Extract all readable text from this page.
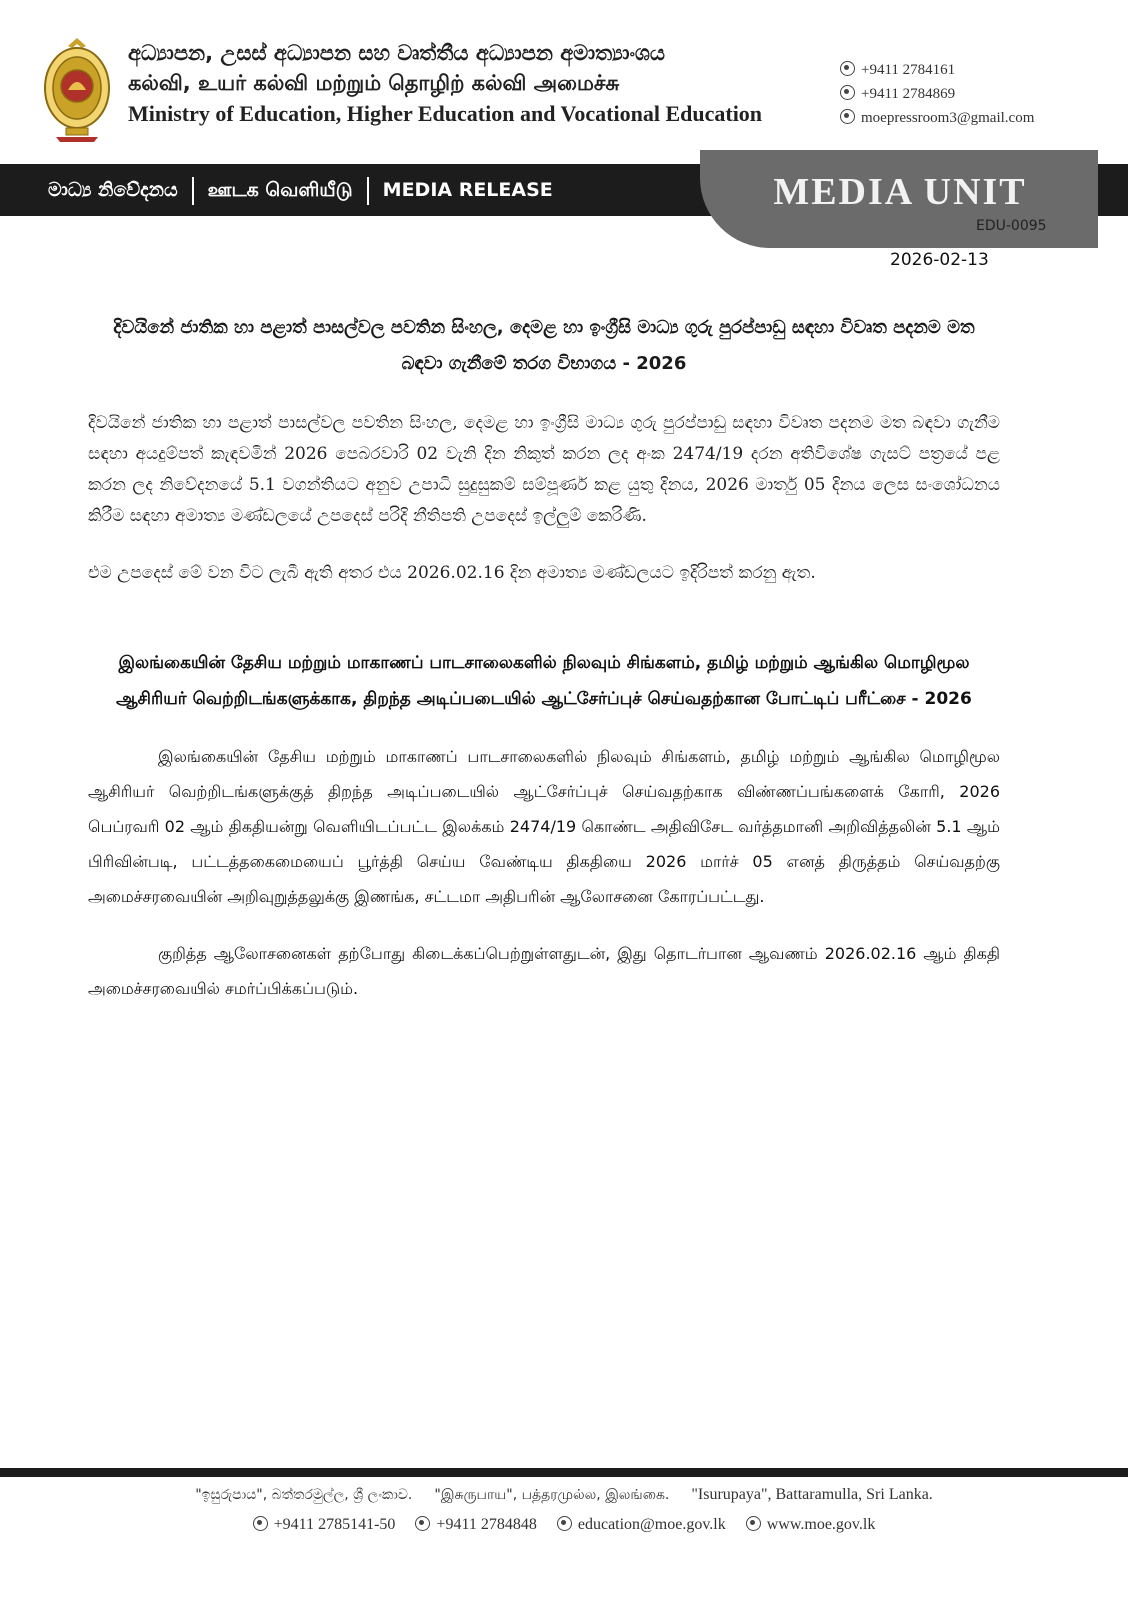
අධ්‍යාපන, උසස් අධ්‍යාපන සහ වෘත්තීය අධ්‍යාපන අමාත්‍යාංශය
கல்வி, உயர் கல்வி மற்றும் தொழிற் கல்வி அமைச்சு
Ministry of Education, Higher Education and Vocational Education
+9411 2784161
+9411 2784869
moepressroom3@gmail.com
මාධ්‍ය නිවේදනය ஊடக வெளியீடு MEDIA RELEASE	MEDIA UNIT
EDU-0095
2026-02-13
දිවයිනේ ජාතික හා පළාත් පාසල්වල පවතින සිංහල, දෙමළ හා ඉංග්‍රීසි මාධ්‍ය ගුරු පුරප්පාඩු සඳහා විවෘත පදනම මත බඳවා ගැනීමේ තරග විභාගය - 2026

දිවයිනේ ජාතික හා පළාත් පාසල්වල පවතින සිංහල, දෙමළ හා ඉංග්‍රීසි මාධ්‍ය ගුරු පුරප්පාඩු සඳහා විවෘත පදනම මත බඳවා ගැනීම සඳහා අයදුම්පත් කැඳවමින් 2026 පෙබරවාරි 02 වැනි දින නිකුත් කරන ලද අංක 2474/19 දරන අතිවිශේෂ ගැසට් පත්‍රයේ පළ කරන ලද නිවේදනයේ 5.1 වගන්තියට අනුව උපාධි සුදුසුකම් සම්පූර්ණ කළ යුතු දිනය, 2026 මාර්තු 05 දිනය ලෙස සංශෝධනය කිරීම සඳහා අමාත්‍ය මණ්ඩලයේ උපදෙස් පරිදි නීතිපති උපදෙස් ඉල්ලුම් කෙරිණි.

එම උපදෙස් මේ වන විට ලැබී ඇති අතර එය 2026.02.16 දින අමාත්‍ය මණ්ඩලයට ඉදිරිපත් කරනු ඇත.

இலங்கையின் தேசிய மற்றும் மாகாணப் பாடசாலைகளில் நிலவும் சிங்களம், தமிழ் மற்றும் ஆங்கில மொழிமூல ஆசிரியர் வெற்றிடங்களுக்காக, திறந்த அடிப்படையில் ஆட்சேர்ப்புச் செய்வதற்கான போட்டிப் பரீட்சை - 2026

இலங்கையின் தேசிய மற்றும் மாகாணப் பாடசாலைகளில் நிலவும் சிங்களம், தமிழ் மற்றும் ஆங்கில மொழிமூல ஆசிரியர் வெற்றிடங்களுக்குத் திறந்த அடிப்படையில் ஆட்சேர்ப்புச் செய்வதற்காக விண்ணப்பங்களைக் கோரி, 2026 பெப்ரவரி 02 ஆம் திகதியன்று வெளியிடப்பட்ட இலக்கம் 2474/19 கொண்ட அதிவிசேட வர்த்தமானி அறிவித்தலின் 5.1 ஆம் பிரிவின்படி, பட்டத்தகைமையைப் பூர்த்தி செய்ய வேண்டிய திகதியை 2026 மார்ச் 05 எனத் திருத்தம் செய்வதற்கு அமைச்சரவையின் அறிவுறுத்தலுக்கு இணங்க, சட்டமா அதிபரின் ஆலோசனை கோரப்பட்டது.

குறித்த ஆலோசனைகள் தற்போது கிடைக்கப்பெற்றுள்ளதுடன், இது தொடர்பான ஆவணம் 2026.02.16 ஆம் திகதி அமைச்சரவையில் சமர்ப்பிக்கப்படும்.

"ඉසුරුපාය", බත්තරමුල්ල, ශ්‍රී ලංකාව. "இசுருபாய", பத்தரமுல்ல, இலங்கை. "Isurupaya", Battaramulla, Sri Lanka.
+9411 2785141-50	+9411 2784848	education@moe.gov.lk	www.moe.gov.lk
